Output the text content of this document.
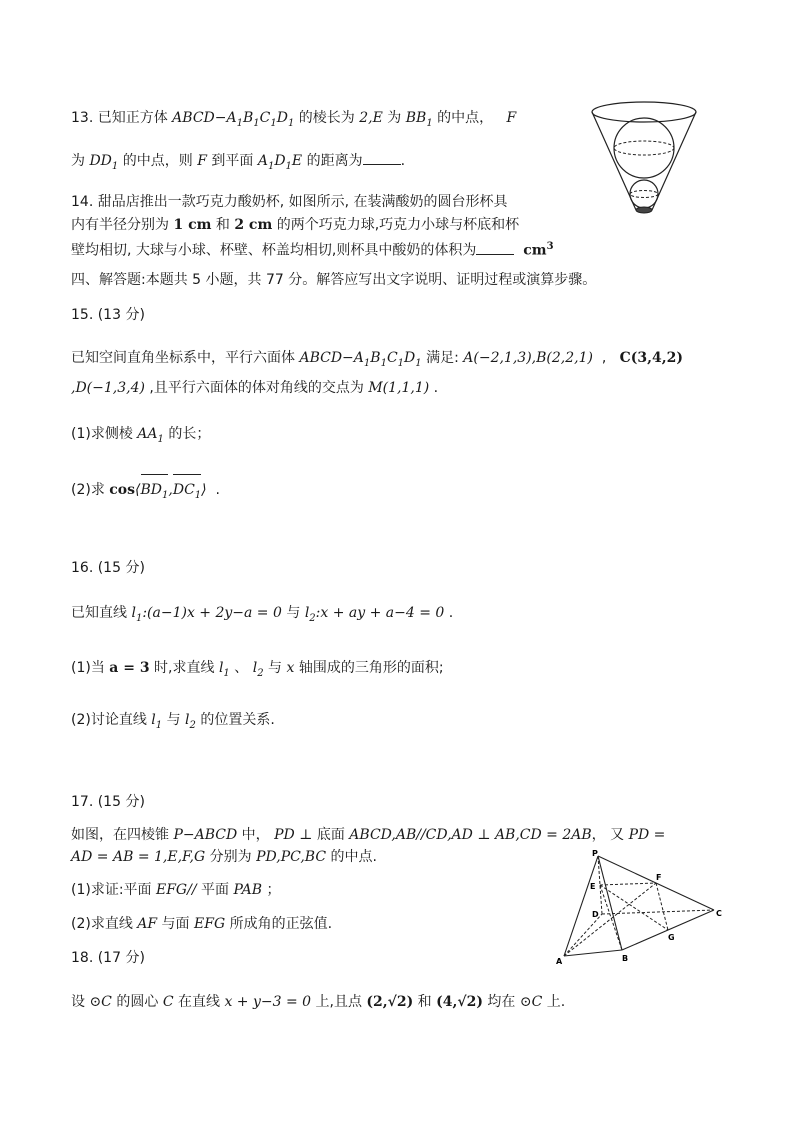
13. 已知正方体 $ABCD-A_1B_1C_1D_1$ 的棱长为 2,E 为 $BB_1$ 的中点， F
为 $DD_1$ 的中点，则 F 到平面 $A_1D_1E$ 的距离为	.
14. 甜品店推出一款巧克力酸奶杯, 如图所示, 在装满酸奶的圆台形杯具
内有半径分别为 1 cm 和 2 cm 的两个巧克力球,巧克力小球与杯底和杯
壁均相切, 大球与小球、杯壁、杯盖均相切,则杯具中酸奶的体积为	$cm^3$
四、解答题:本题共 5 小题，共 77 分。解答应写出文字说明、证明过程或演算步骤。
15. (13 分)
已知空间直角坐标系中，平行六面体 $ABCD-A_1B_1C_1D_1$ 满足: A(−2,1,3),B(2,2,1)  ,   C(3,4,2)
,D(−1,3,4) ,且平行六面体的体对角线的交点为 M(1,1,1) .
(1)求侧棱 $AA_1$ 的长；
(2)求 $\cos⟨BD_1$
$,DC_1$
⟩  .
16. (15 分)
已知直线 $l_1:(a-1)x + 2y-a = 0$ 与 $l_2:x$ + ay + a−4 = 0 .
(1)当 a = 3 时,求直线 $l_1$ 、 $l_2$ 与 x 轴围成的三角形的面积;
(2)讨论直线 $l_1$ 与 $l_2$ 的位置关系.
17. (15 分)
如图，在四棱锥 P−ABCD 中， PD ⊥ 底面 ABCD,AB//CD,AD ⊥ AB,CD = 2AB， 又 PD =
AD = AB = 1,E,F,G 分别为 PD,PC,BC 的中点.
(1)求证:平面 EFG// 平面 PAB ；
(2)求直线 AF 与面 EFG 所成角的正弦值.
P
E
D
F
C
G
A	B
18. (17 分)
设 ⊙C 的圆心 C 在直线 x + y−3 = 0 上,且点 (2,√2) 和 (4,√2) 均在 ⊙C 上.
